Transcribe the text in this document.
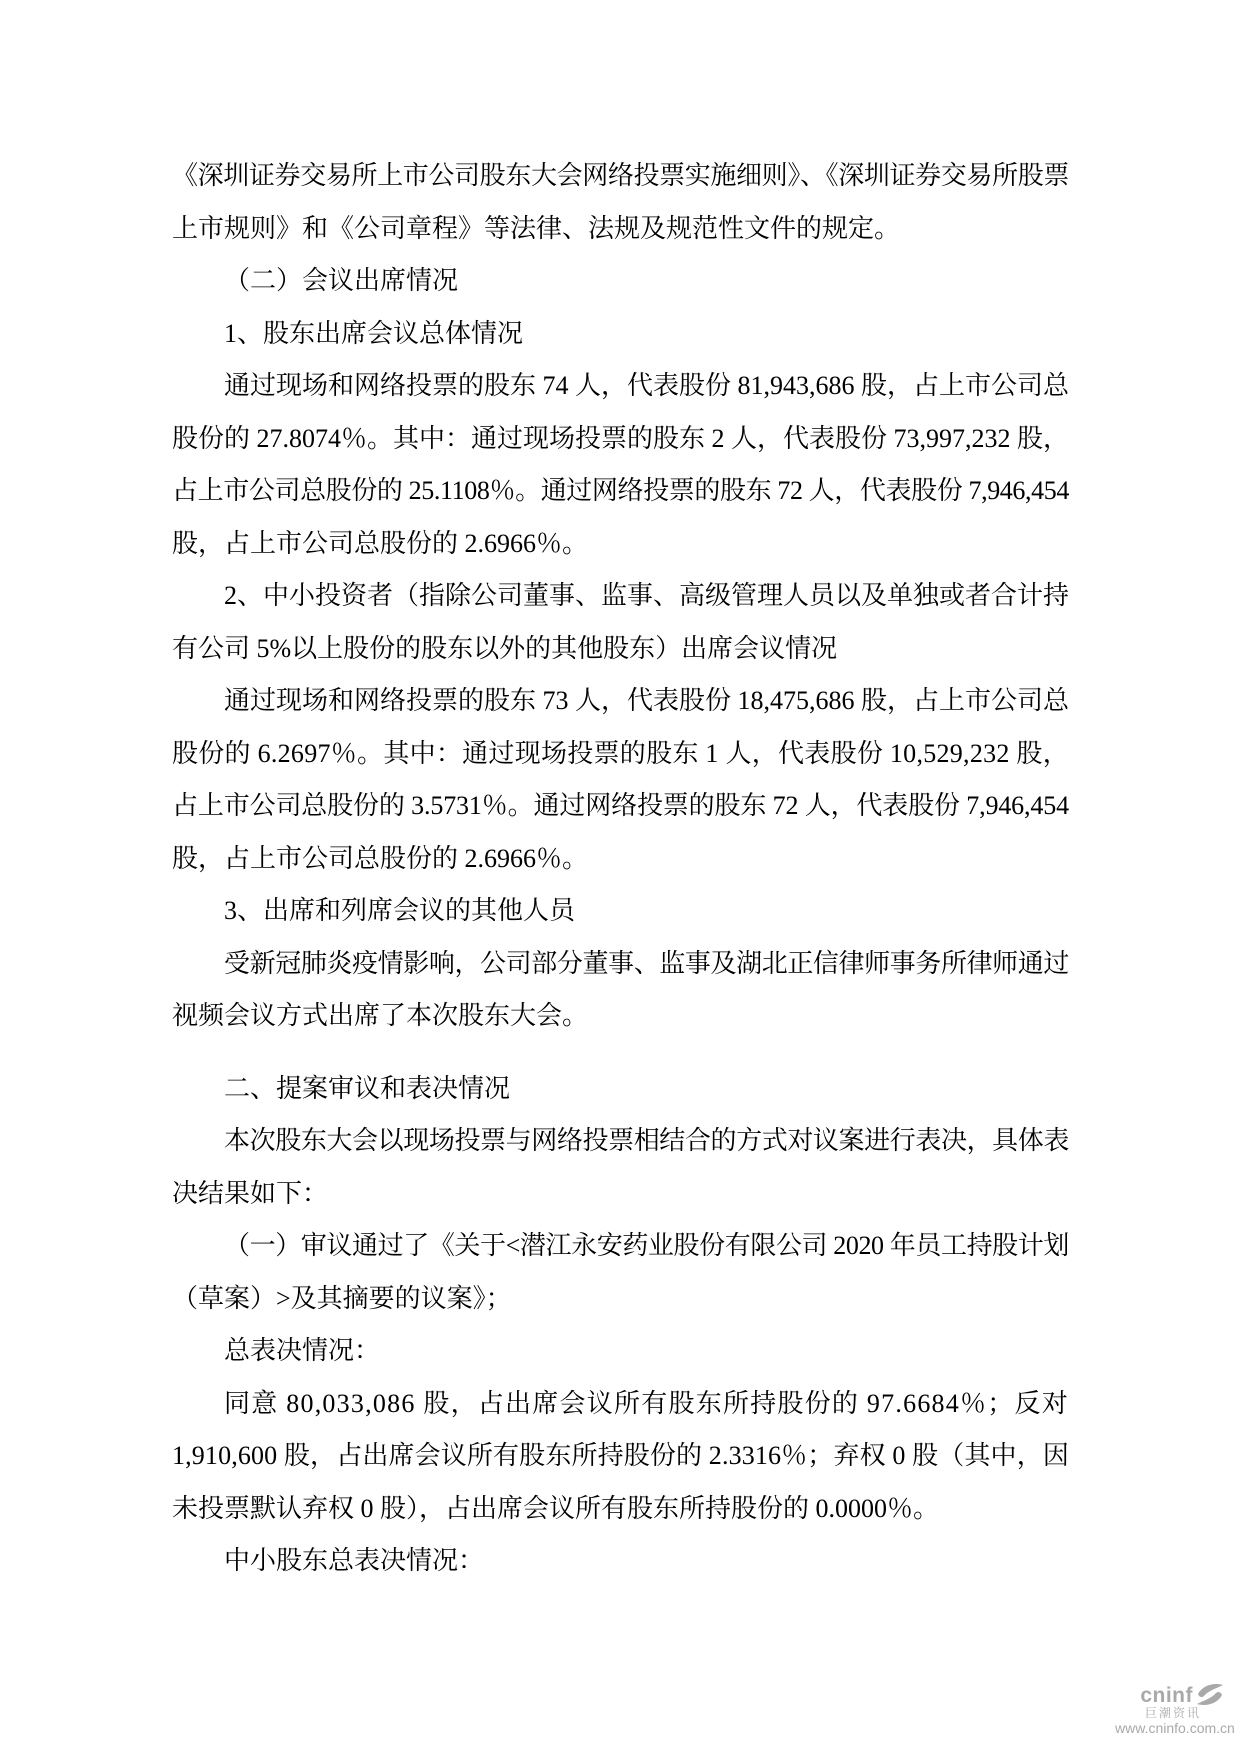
《深圳证券交易所上市公司股东大会网络投票实施细则》、《深圳证券交易所股票
上市规则》和《公司章程》等法律、法规及规范性文件的规定。
（二）会议出席情况
1、股东出席会议总体情况
通过现场和网络投票的股东 74 人，代表股份 81,943,686 股，占上市公司总
股份的 27.8074％。其中：通过现场投票的股东 2 人，代表股份 73,997,232 股，
占上市公司总股份的 25.1108％。通过网络投票的股东 72 人，代表股份 7,946,454
股，占上市公司总股份的 2.6966％。
2、中小投资者（指除公司董事、监事、高级管理人员以及单独或者合计持
有公司 5%以上股份的股东以外的其他股东）出席会议情况
通过现场和网络投票的股东 73 人，代表股份 18,475,686 股，占上市公司总
股份的 6.2697％。其中：通过现场投票的股东 1 人，代表股份 10,529,232 股，
占上市公司总股份的 3.5731％。通过网络投票的股东 72 人，代表股份 7,946,454
股，占上市公司总股份的 2.6966％。
3、出席和列席会议的其他人员
受新冠肺炎疫情影响，公司部分董事、监事及湖北正信律师事务所律师通过
视频会议方式出席了本次股东大会。
二、提案审议和表决情况
本次股东大会以现场投票与网络投票相结合的方式对议案进行表决，具体表
决结果如下：
（一）审议通过了《关于<潜江永安药业股份有限公司 2020 年员工持股计划
（草案）>及其摘要的议案》；
总表决情况：
同意 80,033,086 股，占出席会议所有股东所持股份的 97.6684％；反对
1,910,600 股，占出席会议所有股东所持股份的 2.3316％；弃权 0 股（其中，因
未投票默认弃权 0 股），占出席会议所有股东所持股份的 0.0000％。
中小股东总表决情况：
cninf
巨潮资讯
www.cninfo.com.cn
